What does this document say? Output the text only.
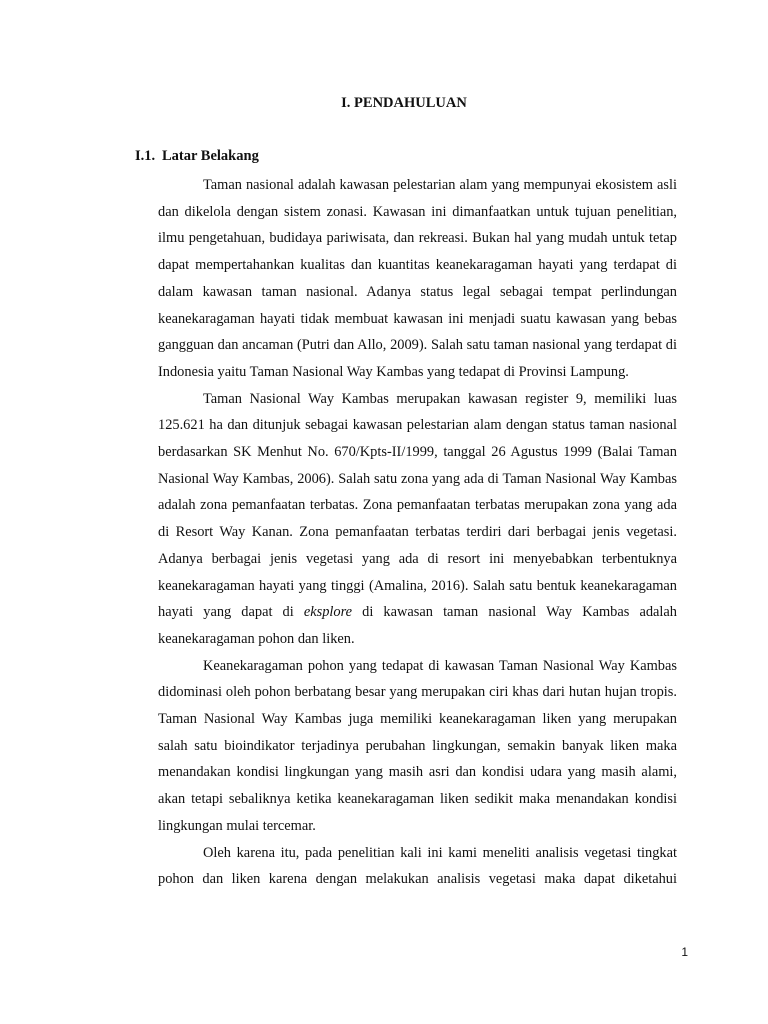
I. PENDAHULUAN
I.1. Latar Belakang

Taman nasional adalah kawasan pelestarian alam yang mempunyai ekosistem asli dan dikelola dengan sistem zonasi. Kawasan ini dimanfaatkan untuk tujuan penelitian, ilmu pengetahuan, budidaya pariwisata, dan rekreasi. Bukan hal yang mudah untuk tetap dapat mempertahankan kualitas dan kuantitas keanekaragaman hayati yang terdapat di dalam kawasan taman nasional. Adanya status legal sebagai tempat perlindungan keanekaragaman hayati tidak membuat kawasan ini menjadi suatu kawasan yang bebas gangguan dan ancaman (Putri dan Allo, 2009). Salah satu taman nasional yang terdapat di Indonesia yaitu Taman Nasional Way Kambas yang tedapat di Provinsi Lampung.

Taman Nasional Way Kambas merupakan kawasan register 9, memiliki luas 125.621 ha dan ditunjuk sebagai kawasan pelestarian alam dengan status taman nasional berdasarkan SK Menhut No. 670/Kpts-II/1999, tanggal 26 Agustus 1999 (Balai Taman Nasional Way Kambas, 2006). Salah satu zona yang ada di Taman Nasional Way Kambas adalah zona pemanfaatan terbatas. Zona pemanfaatan terbatas merupakan zona yang ada di Resort Way Kanan. Zona pemanfaatan terbatas terdiri dari berbagai jenis vegetasi. Adanya berbagai jenis vegetasi yang ada di resort ini menyebabkan terbentuknya keanekaragaman hayati yang tinggi (Amalina, 2016). Salah satu bentuk keanekaragaman hayati yang dapat di eksplore di kawasan taman nasional Way Kambas adalah keanekaragaman pohon dan liken.

Keanekaragaman pohon yang tedapat di kawasan Taman Nasional Way Kambas didominasi oleh pohon berbatang besar yang merupakan ciri khas dari hutan hujan tropis. Taman Nasional Way Kambas juga memiliki keanekaragaman liken yang merupakan salah satu bioindikator terjadinya perubahan lingkungan, semakin banyak liken maka menandakan kondisi lingkungan yang masih asri dan kondisi udara yang masih alami, akan tetapi sebaliknya ketika keanekaragaman liken sedikit maka menandakan kondisi lingkungan mulai tercemar.

Oleh karena itu, pada penelitian kali ini kami meneliti analisis vegetasi tingkat pohon dan liken karena dengan melakukan analisis vegetasi maka dapat diketahui

1
